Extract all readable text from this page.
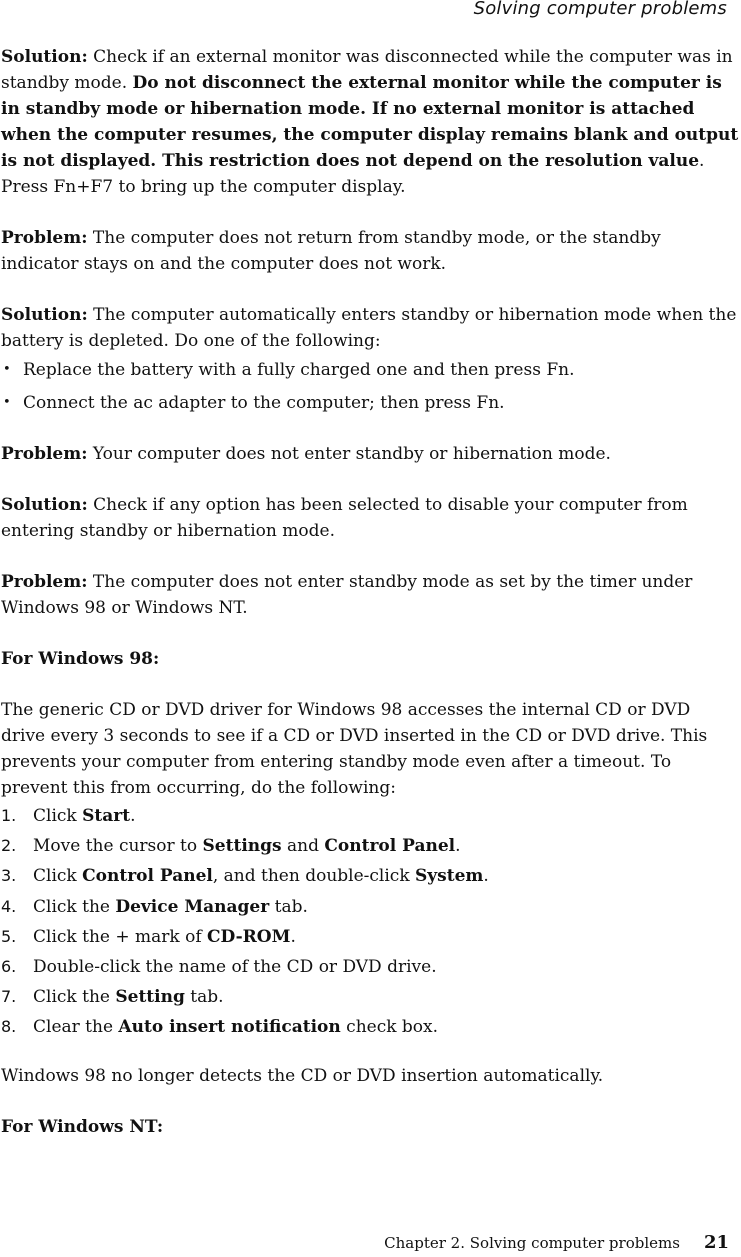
Solving computer problems

Solution: Check if an external monitor was disconnected while the computer was in standby mode. Do not disconnect the external monitor while the computer is in standby mode or hibernation mode. If no external monitor is attached when the computer resumes, the computer display remains blank and output is not displayed. This restriction does not depend on the resolution value. Press Fn+F7 to bring up the computer display.

Problem: The computer does not return from standby mode, or the standby indicator stays on and the computer does not work.

Solution: The computer automatically enters standby or hibernation mode when the battery is depleted. Do one of the following:

• Replace the battery with a fully charged one and then press Fn.
• Connect the ac adapter to the computer; then press Fn.

Problem: Your computer does not enter standby or hibernation mode.

Solution: Check if any option has been selected to disable your computer from entering standby or hibernation mode.

Problem: The computer does not enter standby mode as set by the timer under Windows 98 or Windows NT.

For Windows 98:

The generic CD or DVD driver for Windows 98 accesses the internal CD or DVD drive every 3 seconds to see if a CD or DVD inserted in the CD or DVD drive. This prevents your computer from entering standby mode even after a timeout. To prevent this from occurring, do the following:

1. Click Start.
2. Move the cursor to Settings and Control Panel.
3. Click Control Panel, and then double-click System.
4. Click the Device Manager tab.
5. Click the + mark of CD-ROM.
6. Double-click the name of the CD or DVD drive.
7. Click the Setting tab.
8. Clear the Auto insert notification check box.

Windows 98 no longer detects the CD or DVD insertion automatically.

For Windows NT:

Chapter 2. Solving computer problems 21
